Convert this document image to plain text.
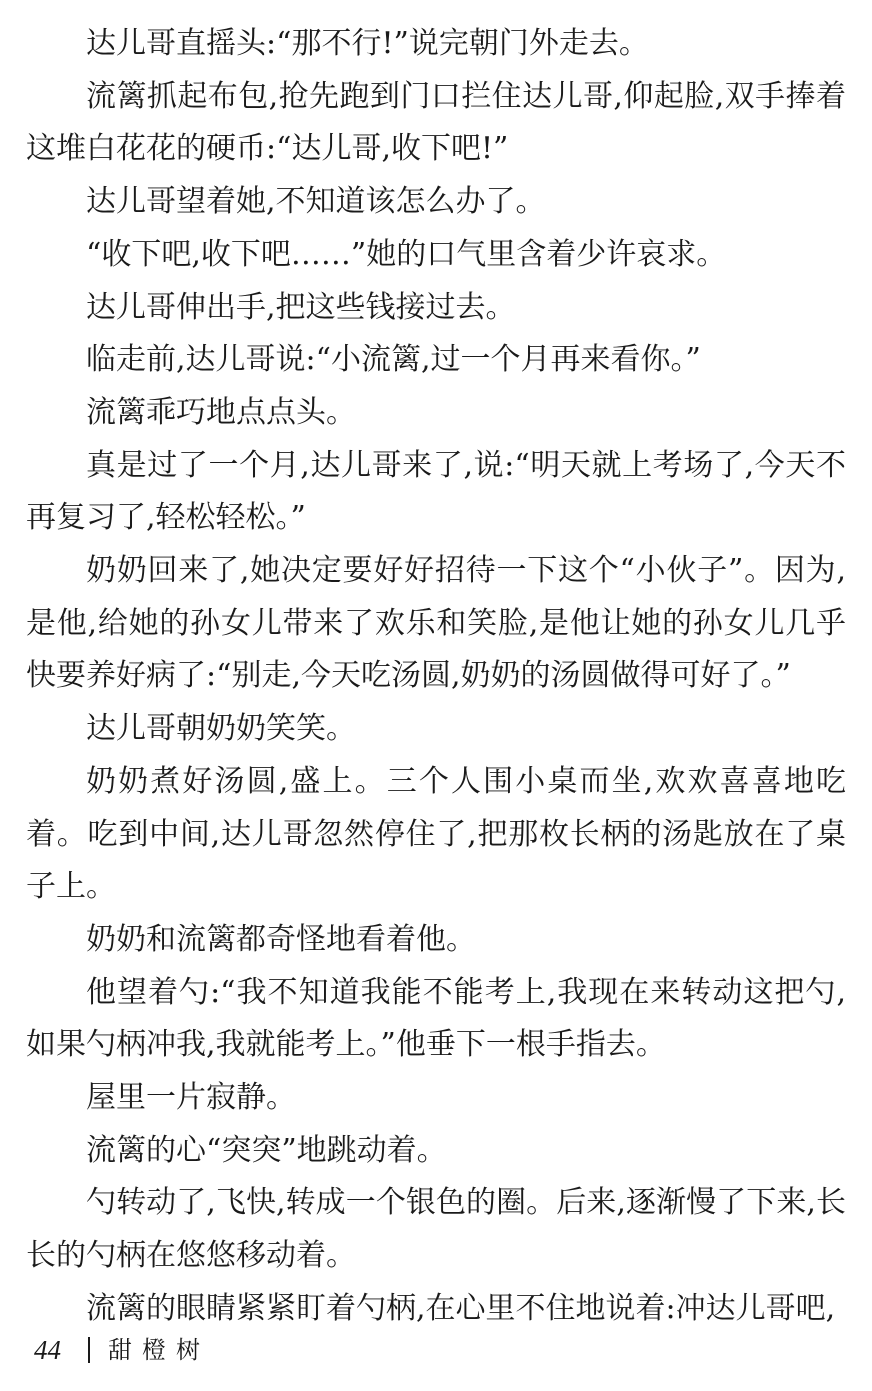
达儿哥直摇头:“那不行!”说完朝门外走去。

流篱抓起布包,抢先跑到门口拦住达儿哥,仰起脸,双手捧着这堆白花花的硬币:“达儿哥,收下吧!”

达儿哥望着她,不知道该怎么办了。

“收下吧,收下吧……”她的口气里含着少许哀求。

达儿哥伸出手,把这些钱接过去。

临走前,达儿哥说:“小流篱,过一个月再来看你。”

流篱乖巧地点点头。

真是过了一个月,达儿哥来了,说:“明天就上考场了,今天不再复习了,轻松轻松。”

奶奶回来了,她决定要好好招待一下这个“小伙子”。因为,是他,给她的孙女儿带来了欢乐和笑脸,是他让她的孙女儿几乎快要养好病了:“别走,今天吃汤圆,奶奶的汤圆做得可好了。”

达儿哥朝奶奶笑笑。

奶奶煮好汤圆,盛上。三个人围小桌而坐,欢欢喜喜地吃着。吃到中间,达儿哥忽然停住了,把那枚长柄的汤匙放在了桌子上。

奶奶和流篱都奇怪地看着他。

他望着勺:“我不知道我能不能考上,我现在来转动这把勺,如果勺柄冲我,我就能考上。”他垂下一根手指去。

屋里一片寂静。

流篱的心“突突”地跳动着。

勺转动了,飞快,转成一个银色的圈。后来,逐渐慢了下来,长长的勺柄在悠悠移动着。

流篱的眼睛紧紧盯着勺柄,在心里不住地说着:冲达儿哥吧,

44	甜橙树
